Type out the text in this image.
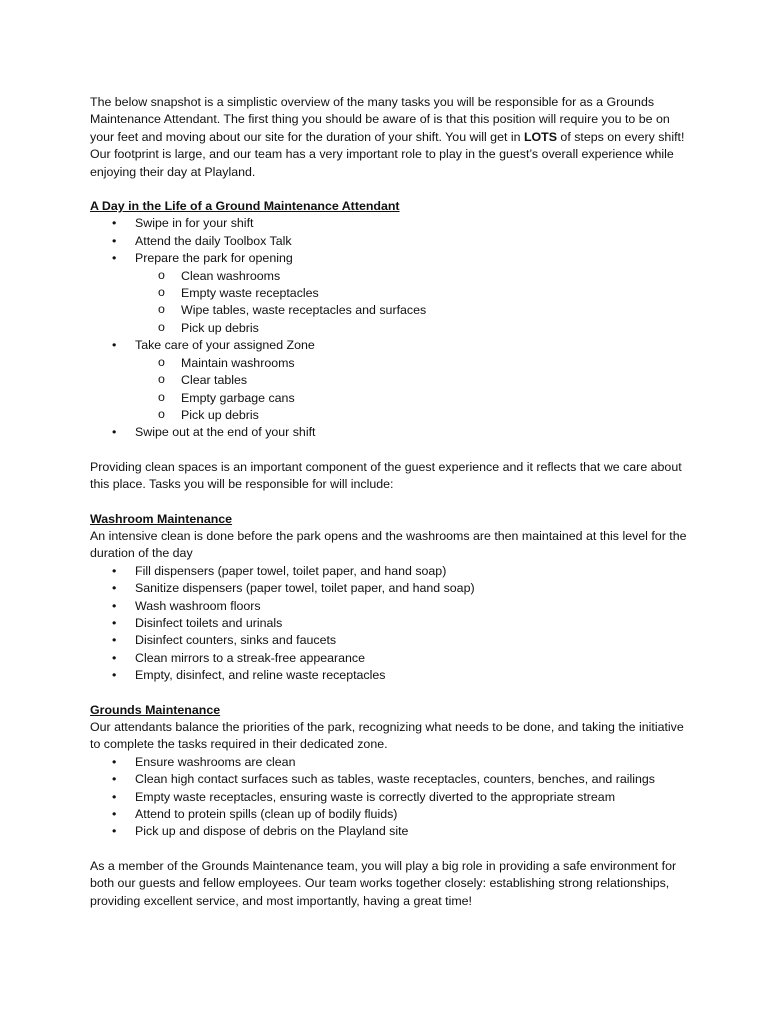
The below snapshot is a simplistic overview of the many tasks you will be responsible for as a Grounds Maintenance Attendant. The first thing you should be aware of is that this position will require you to be on your feet and moving about our site for the duration of your shift. You will get in LOTS of steps on every shift! Our footprint is large, and our team has a very important role to play in the guest’s overall experience while enjoying their day at Playland.

A Day in the Life of a Ground Maintenance Attendant
• Swipe in for your shift
• Attend the daily Toolbox Talk
• Prepare the park for opening
o Clean washrooms
o Empty waste receptacles
o Wipe tables, waste receptacles and surfaces
o Pick up debris
• Take care of your assigned Zone
o Maintain washrooms
o Clear tables
o Empty garbage cans
o Pick up debris
• Swipe out at the end of your shift

Providing clean spaces is an important component of the guest experience and it reflects that we care about this place. Tasks you will be responsible for will include:

Washroom Maintenance

An intensive clean is done before the park opens and the washrooms are then maintained at this level for the duration of the day

• Fill dispensers (paper towel, toilet paper, and hand soap)
• Sanitize dispensers (paper towel, toilet paper, and hand soap)
• Wash washroom floors
• Disinfect toilets and urinals
• Disinfect counters, sinks and faucets
• Clean mirrors to a streak-free appearance
• Empty, disinfect, and reline waste receptacles
Grounds Maintenance

Our attendants balance the priorities of the park, recognizing what needs to be done, and taking the initiative to complete the tasks required in their dedicated zone.

• Ensure washrooms are clean
• Clean high contact surfaces such as tables, waste receptacles, counters, benches, and railings
• Empty waste receptacles, ensuring waste is correctly diverted to the appropriate stream
• Attend to protein spills (clean up of bodily fluids)
• Pick up and dispose of debris on the Playland site

As a member of the Grounds Maintenance team, you will play a big role in providing a safe environment for both our guests and fellow employees. Our team works together closely: establishing strong relationships, providing excellent service, and most importantly, having a great time!
